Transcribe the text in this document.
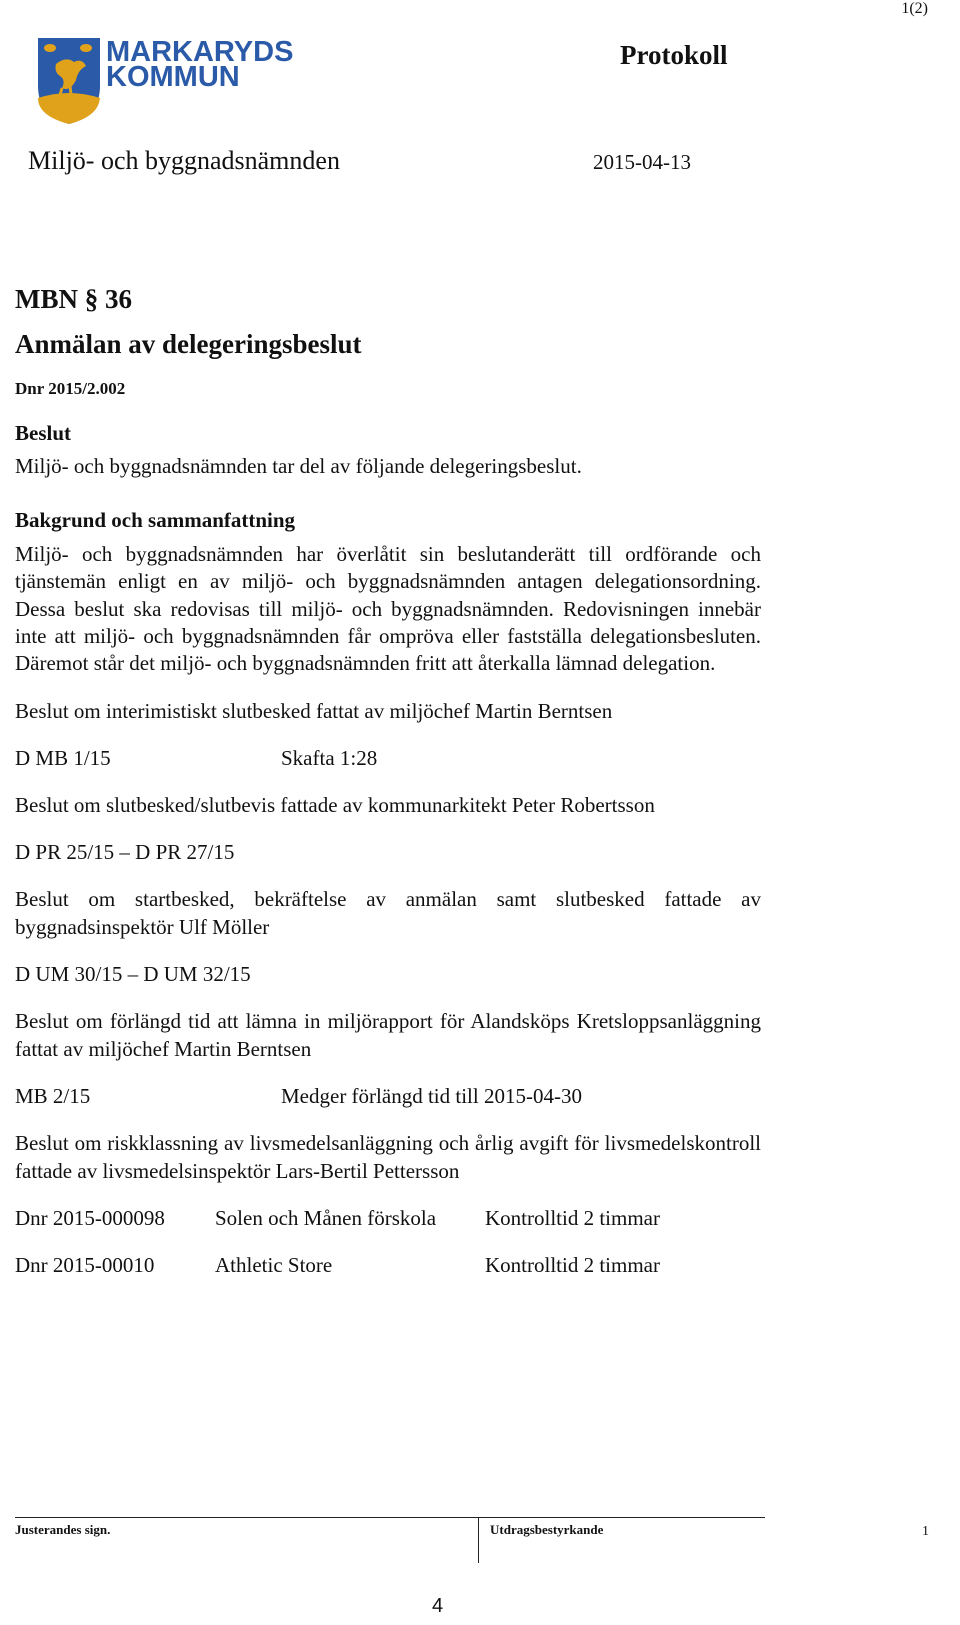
1(2)
MARKARYDS
KOMMUN
Protokoll
Miljö- och byggnadsnämnden	2015-04-13

MBN § 36

Anmälan av delegeringsbeslut

Dnr 2015/2.002

Beslut

Miljö- och byggnadsnämnden tar del av följande delegeringsbeslut.

Bakgrund och sammanfattning

Miljö- och byggnadsnämnden har överlåtit sin beslutanderätt till ordförande och tjänstemän enligt en av miljö- och byggnadsnämnden antagen delegationsordning. Dessa beslut ska redovisas till miljö- och byggnadsnämnden. Redovisningen innebär inte att miljö- och byggnadsnämnden får ompröva eller fastställa delegationsbesluten. Däremot står det miljö- och byggnadsnämnden fritt att återkalla lämnad delegation.

Beslut om interimistiskt slutbesked fattat av miljöchef Martin Berntsen

D MB 1/15	Skafta 1:28

Beslut om slutbesked/slutbevis fattade av kommunarkitekt Peter Robertsson

D PR 25/15 – D PR 27/15

Beslut om startbesked, bekräftelse av anmälan samt slutbesked fattade av byggnadsinspektör Ulf Möller

D UM 30/15 – D UM 32/15

Beslut om förlängd tid att lämna in miljörapport för Alandsköps Kretsloppsanläggning fattat av miljöchef Martin Berntsen

MB 2/15	Medger förlängd tid till 2015-04-30

Beslut om riskklassning av livsmedelsanläggning och årlig avgift för livsmedelskontroll fattade av livsmedelsinspektör Lars-Bertil Pettersson

Dnr 2015-000098	Solen och Månen förskola	Kontrolltid 2 timmar
Dnr 2015-00010	Athletic Store	Kontrolltid 2 timmar
Justerandes sign.	Utdragsbestyrkande	1
4
